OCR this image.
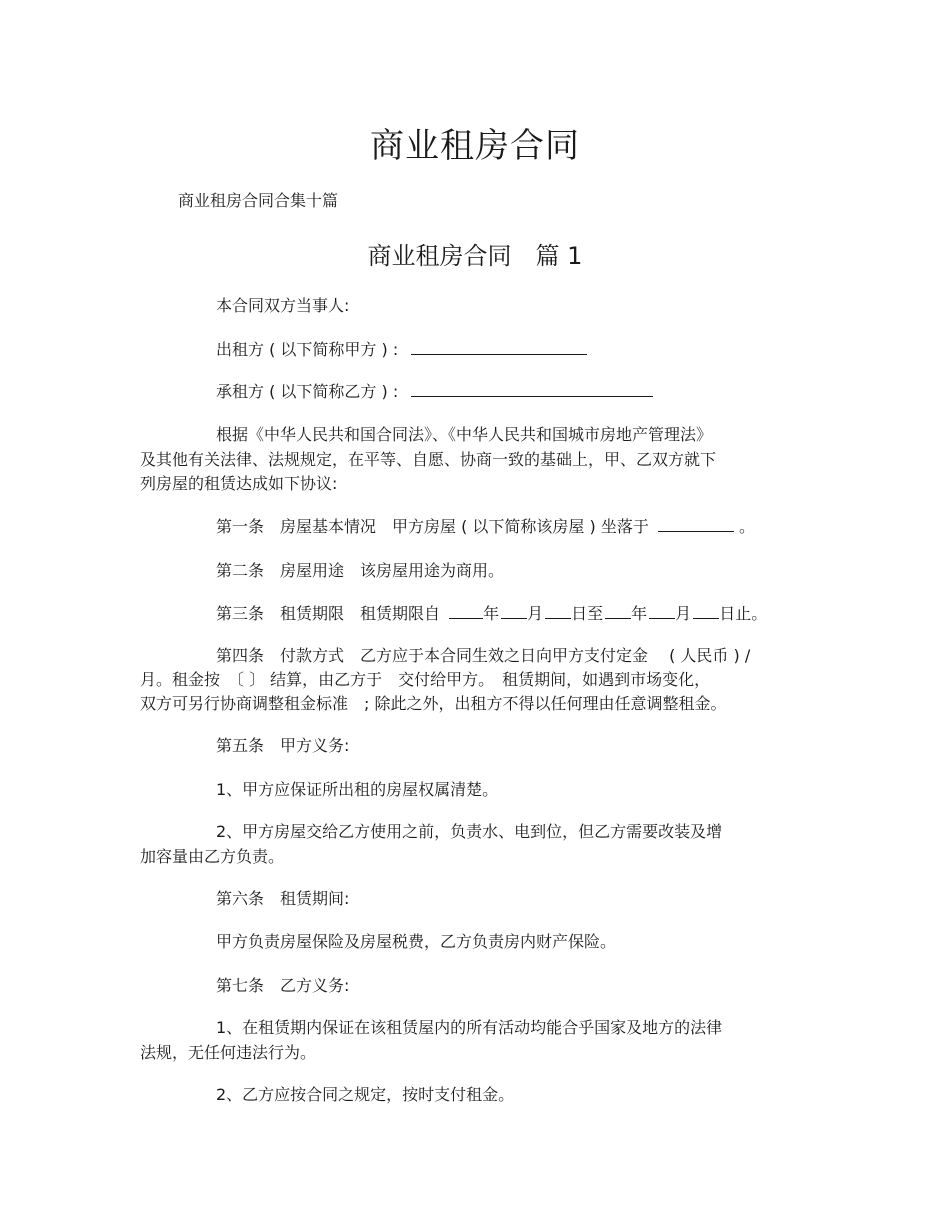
商业租房合同
商业租房合同合集十篇
商业租房合同　篇 1
本合同双方当事人:
出租方 ( 以下简称甲方 ) :
承租方 ( 以下简称乙方 ) :
根据《中华人民共和国合同法》、《中华人民共和国城市房地产管理法》
及其他有关法律、法规规定，在平等、自愿、协商一致的基础上，甲、乙双方就下
列房屋的租赁达成如下协议:
第一条　房屋基本情况　甲方房屋 ( 以下简称该房屋 ) 坐落于	。
第二条　房屋用途　该房屋用途为商用。
第三条　租赁期限　租赁期限自	年 月 日至 年 月 日止。
第四条　付款方式　乙方应于本合同生效之日向甲方支付定金　 ( 人民币 ) /
月。租金按　〔 〕 结算，由乙方于　交付给甲方。　租赁期间，如遇到市场变化，
双方可另行协商调整租金标准　; 除此之外，出租方不得以任何理由任意调整租金。
第五条　甲方义务:
1、甲方应保证所出租的房屋权属清楚。
2、甲方房屋交给乙方使用之前，负责水、电到位，但乙方需要改装及增
加容量由乙方负责。
第六条　租赁期间:
甲方负责房屋保险及房屋税费，乙方负责房内财产保险。
第七条　乙方义务:
1、在租赁期内保证在该租赁屋内的所有活动均能合乎国家及地方的法律
法规，无任何违法行为。
2、乙方应按合同之规定，按时支付租金。
